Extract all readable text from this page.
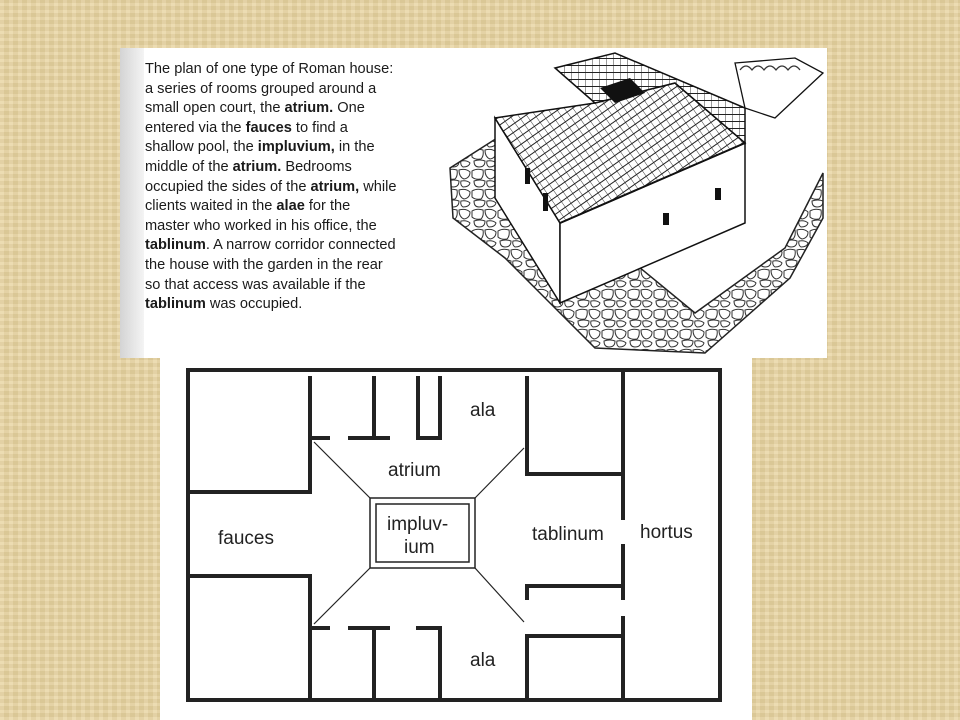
The plan of one type of Roman house:
a series of rooms grouped around a
small open court, the atrium. One
entered via the fauces to find a
shallow pool, the impluvium, in the
middle of the atrium. Bedrooms
occupied the sides of the atrium, while
clients waited in the alae for the
master who worked in his office, the
tablinum. A narrow corridor connected
the house with the garden in the rear
so that access was available if the
tablinum was occupied.
ala
atrium
impluv-
ium
fauces	tablinum hortus
ala
